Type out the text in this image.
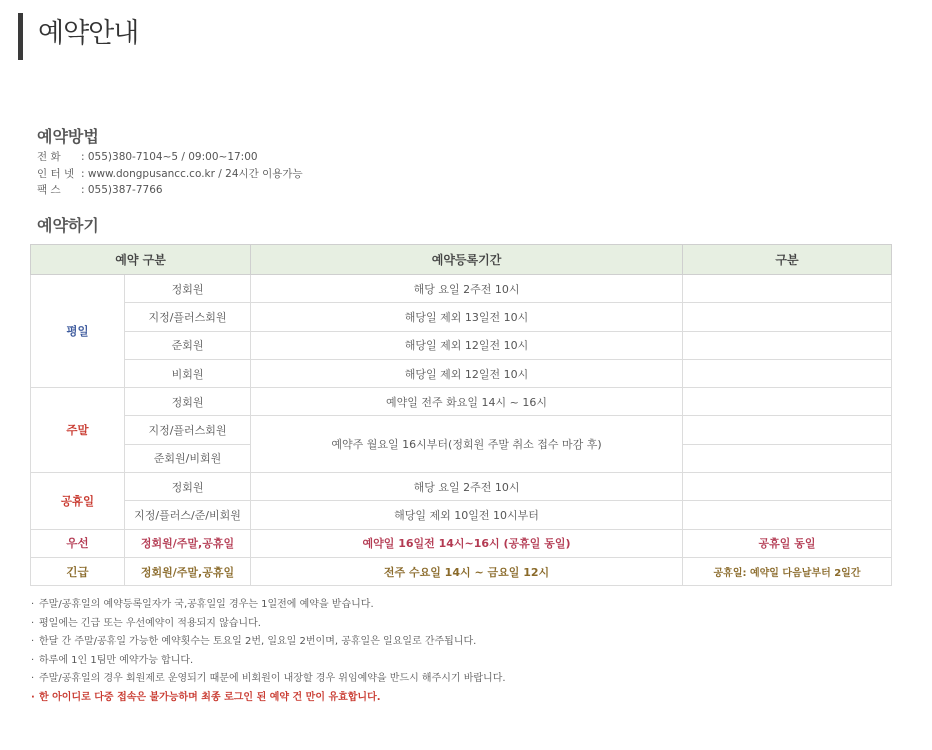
예약안내
예약방법
전 화 : 055)380-7104~5 / 09:00~17:00
인 터 넷 : www.dongpusancc.co.kr / 24시간 이용가능
팩 스 : 055)387-7766
예약하기
예약 구분		예약등록기간	구분
평일	정회원	해당 요일 2주전 10시	
	지정/플러스회원	해당일 제외 13일전 10시	
	준회원	해당일 제외 12일전 10시	
	비회원	해당일 제외 12일전 10시	
주말	정회원	예약일 전주 화요일 14시 ~ 16시	
	지정/플러스회원	예약주 월요일 16시부터(정회원 주말 취소 접수 마감 후)	
	준회원/비회원		
공휴일	정회원	해당 요일 2주전 10시	
	지정/플러스/준/비회원	해당일 제외 10일전 10시부터	
우선	정회원/주말,공휴일	예약일 16일전 14시~16시 (공휴일 동일)	공휴일 동일
긴급	정회원/주말,공휴일	전주 수요일 14시 ~ 금요일 12시	공휴일: 예약일 다음날부터 2일간
· 주말/공휴일의 예약등록일자가 국,공휴일일 경우는 1일전에 예약을 받습니다.
· 평일에는 긴급 또는 우선예약이 적용되지 않습니다.
· 한달 간 주말/공휴일 가능한 예약횟수는 토요일 2번, 일요일 2번이며, 공휴일은 일요일로 간주됩니다.
· 하루에 1인 1팀만 예약가능 합니다.
· 주말/공휴일의 경우 회원제로 운영되기 때문에 비회원이 내장할 경우 위임예약을 반드시 해주시기 바랍니다.
· 한 아이디로 다중 접속은 불가능하며 최종 로그인 된 예약 건 만이 유효합니다.
